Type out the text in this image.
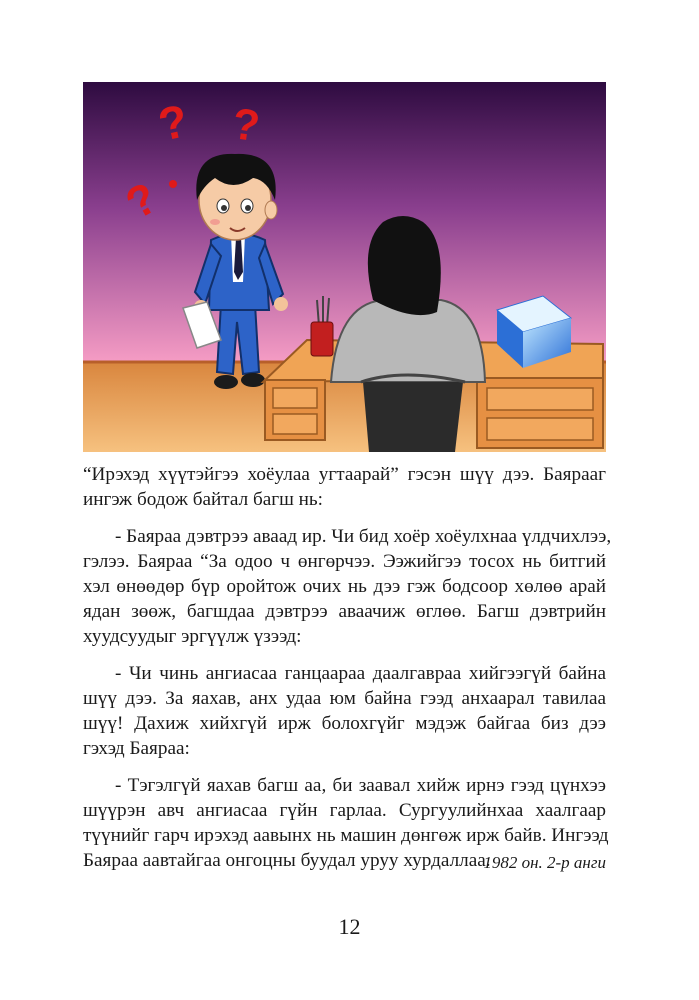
? ?
?

“Ирэхэд хүүтэйгээ хоёулаа угтаарай” гэсэн шүү дээ. Баярааг
ингэж бодож байтал багш нь:

- Баяраа дэвтрээ аваад ир. Чи бид хоёр хоёулхнаа үлдчихлээ,
гэлээ. Баяраа “За одоо ч өнгөрчээ. Ээжийгээ тосох нь битгий
хэл өнөөдөр бүр оройтож очих нь дээ гэж бодсоор хөлөө арай
ядан зөөж, багшдаа дэвтрээ аваачиж өглөө. Багш дэвтрийн
хуудсуудыг эргүүлж үзээд:

- Чи чинь ангиасаа ганцаараа даалгавраа хийгээгүй байна
шүү дээ. За яахав, анх удаа юм байна гээд анхаарал тавилаа
шүү! Дахиж хийхгүй ирж болохгүйг мэдэж байгаа биз дээ
гэхэд Баяраа:

- Тэгэлгүй яахав багш аа, би заавал хийж ирнэ гээд цүнхээ
шүүрэн авч ангиасаа гүйн гарлаа. Сургуулийнхаа хаалгаар
түүнийг гарч ирэхэд аавынх нь машин дөнгөж ирж байв. Ингээд
Баяраа аавтайгаа онгоцны буудал уруу хурдаллаа.

1982 он. 2-р анги
12
